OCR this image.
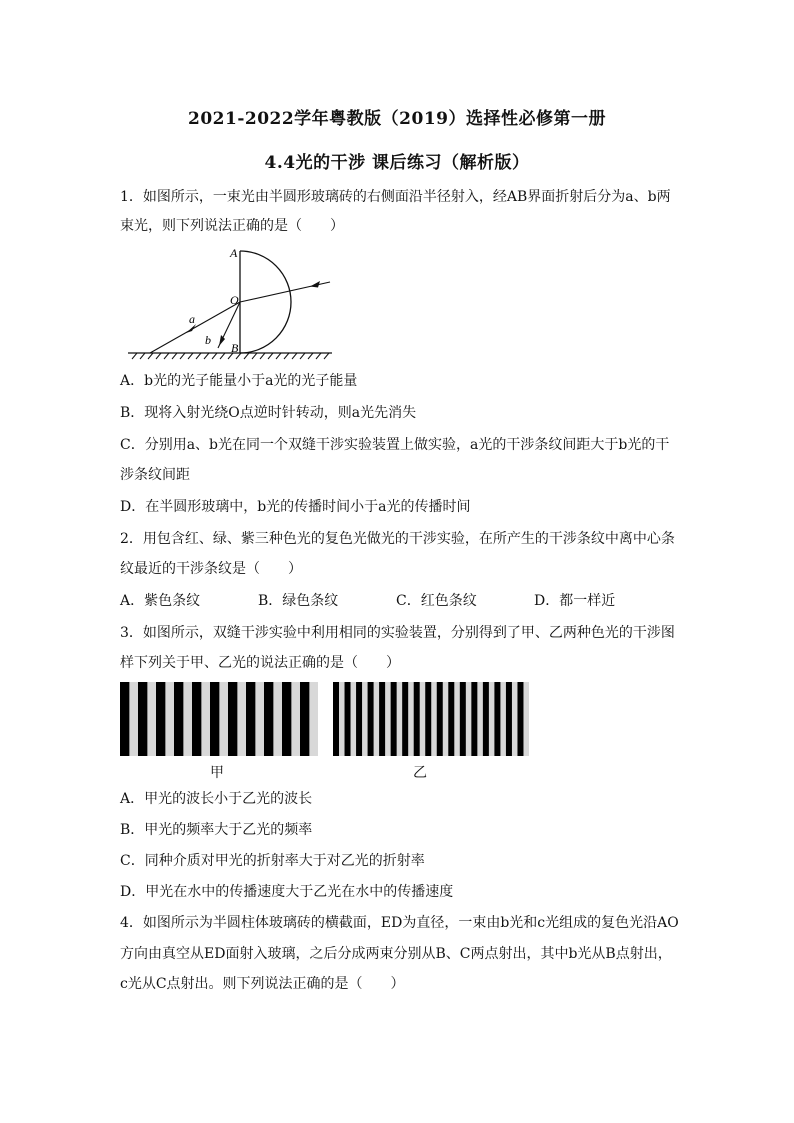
2021-2022学年粤教版（2019）选择性必修第一册
4.4光的干涉 课后练习（解析版）
1．如图所示，一束光由半圆形玻璃砖的右侧面沿半径射入，经AB界面折射后分为a、b两
束光，则下列说法正确的是（　　）
A
O
B
a
b
A．b光的光子能量小于a光的光子能量
B．现将入射光绕O点逆时针转动，则a光先消失
C．分别用a、b光在同一个双缝干涉实验装置上做实验，a光的干涉条纹间距大于b光的干
涉条纹间距
D．在半圆形玻璃中，b光的传播时间小于a光的传播时间
2．用包含红、绿、紫三种色光的复色光做光的干涉实验，在所产生的干涉条纹中离中心条
纹最近的干涉条纹是（　　）
A．紫色条纹	B．绿色条纹	C．红色条纹	D．都一样近
3．如图所示，双缝干涉实验中利用相同的实验装置，分别得到了甲、乙两种色光的干涉图
样下列关于甲、乙光的说法正确的是（　　）
甲	乙
A．甲光的波长小于乙光的波长
B．甲光的频率大于乙光的频率
C．同种介质对甲光的折射率大于对乙光的折射率
D．甲光在水中的传播速度大于乙光在水中的传播速度
4．如图所示为半圆柱体玻璃砖的横截面，ED为直径，一束由b光和c光组成的复色光沿AO
方向由真空从ED面射入玻璃，之后分成两束分别从B、C两点射出，其中b光从B点射出，
c光从C点射出。则下列说法正确的是（　　）
